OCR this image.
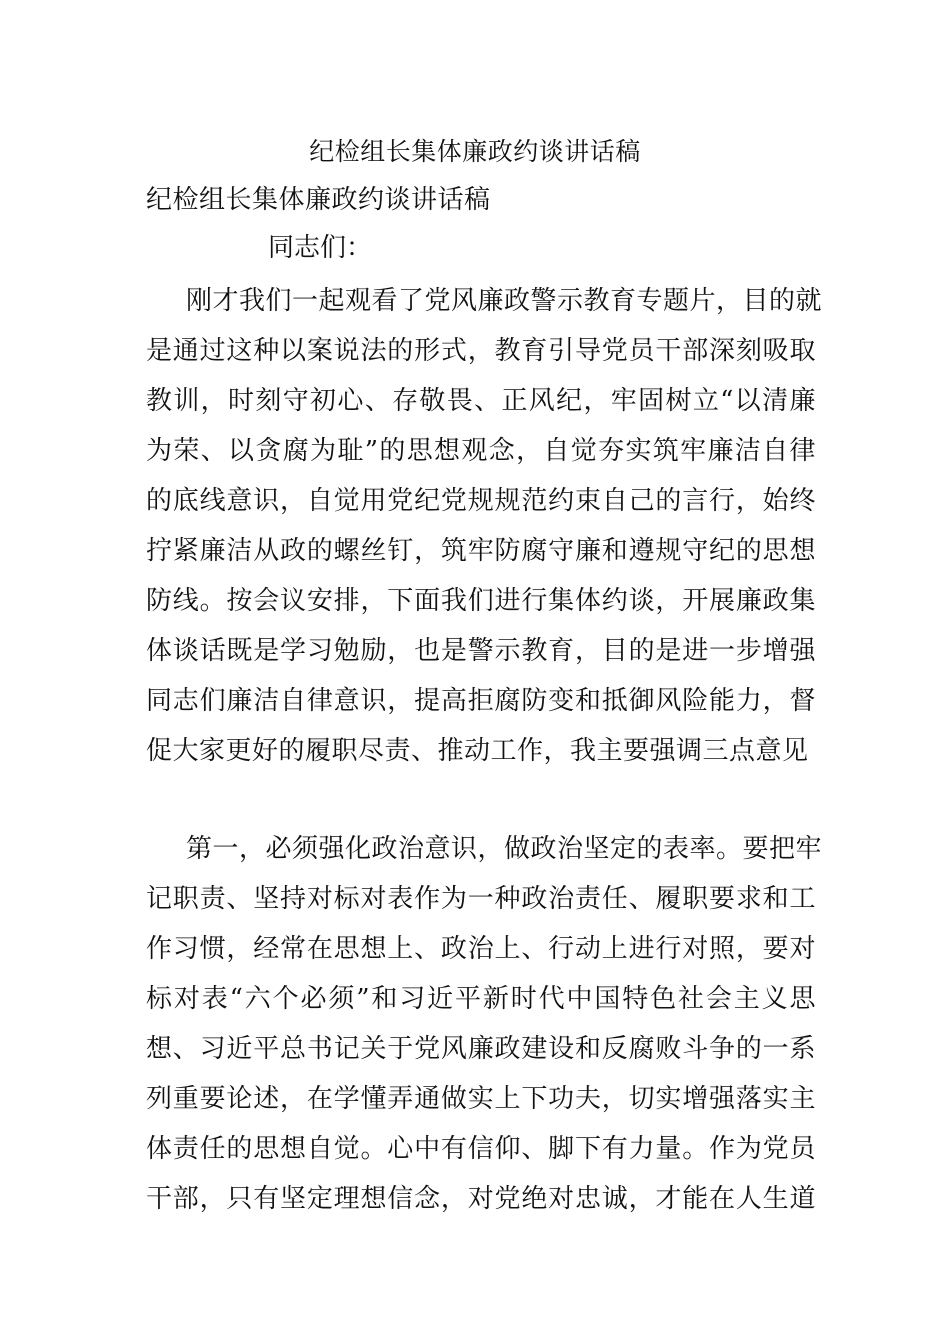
纪检组长集体廉政约谈讲话稿
纪检组长集体廉政约谈讲话稿
同志们：
刚才我们一起观看了党风廉政警示教育专题片，目的就
是通过这种以案说法的形式，教育引导党员干部深刻吸取
教训，时刻守初心、存敬畏、正风纪，牢固树立“以清廉
为荣、以贪腐为耻”的思想观念，自觉夯实筑牢廉洁自律
的底线意识，自觉用党纪党规规范约束自己的言行，始终
拧紧廉洁从政的螺丝钉，筑牢防腐守廉和遵规守纪的思想
防线。按会议安排，下面我们进行集体约谈，开展廉政集
体谈话既是学习勉励，也是警示教育，目的是进一步增强
同志们廉洁自律意识，提高拒腐防变和抵御风险能力，督
促大家更好的履职尽责、推动工作，我主要强调三点意见
第一，必须强化政治意识，做政治坚定的表率。要把牢
记职责、坚持对标对表作为一种政治责任、履职要求和工
作习惯，经常在思想上、政治上、行动上进行对照，要对
标对表“六个必须”和习近平新时代中国特色社会主义思
想、习近平总书记关于党风廉政建设和反腐败斗争的一系
列重要论述，在学懂弄通做实上下功夫，切实增强落实主
体责任的思想自觉。心中有信仰、脚下有力量。作为党员
干部，只有坚定理想信念，对党绝对忠诚，才能在人生道
